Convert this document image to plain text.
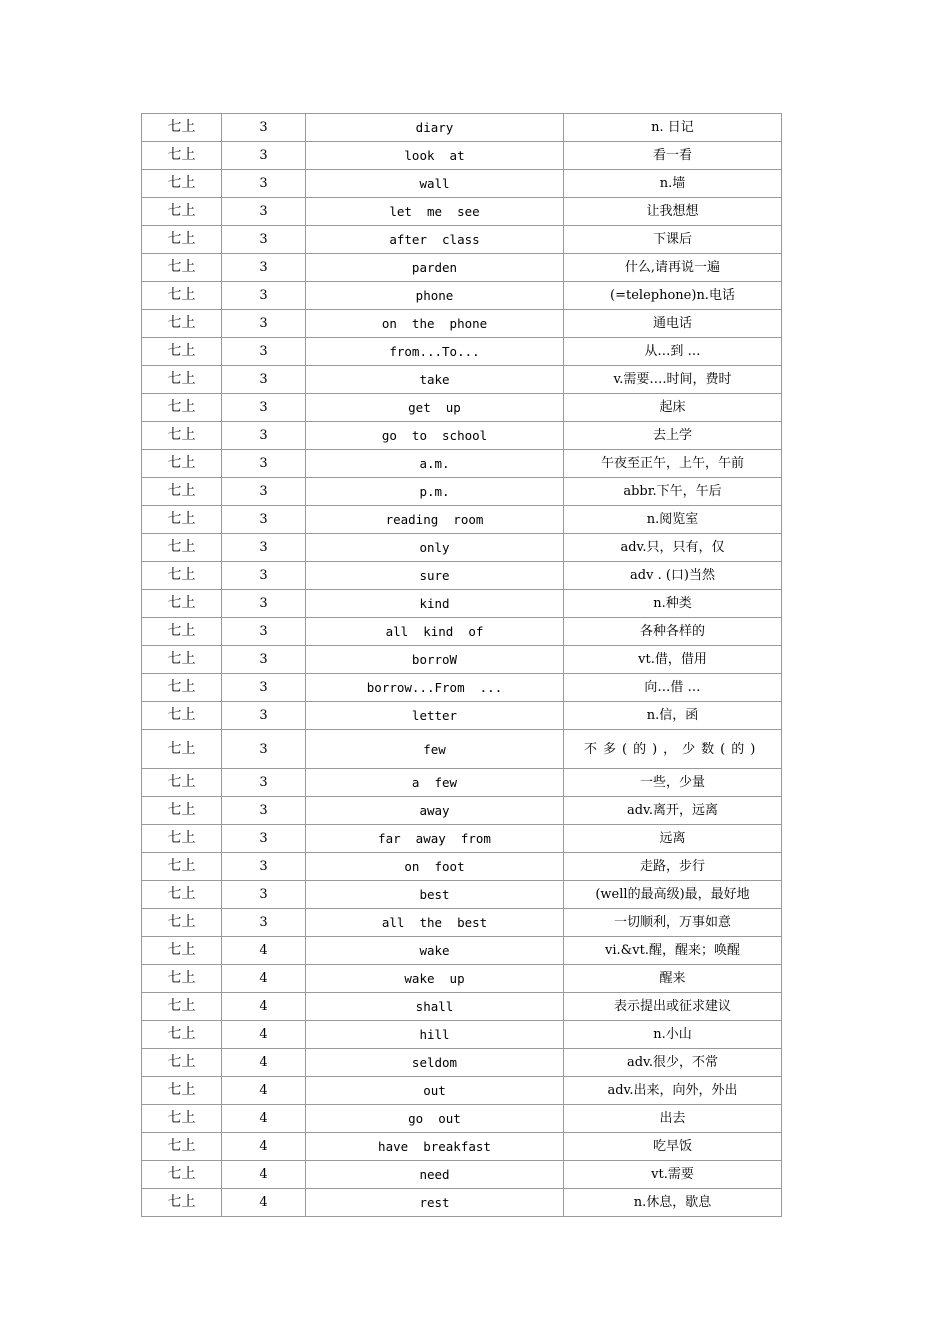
七上	3	diary	n. 日记
七上	3	look  at	看一看
七上	3	wall	n.墙
七上	3	let  me  see	让我想想
七上	3	after  class	下课后
七上	3	parden	什么,请再说一遍
七上	3	phone	(=telephone)n.电话
七上	3	on  the  phone	通电话
七上	3	from...To...	从…到 …
七上	3	take	v.需要….时间，费时
七上	3	get  up	起床
七上	3	go  to  school	去上学
七上	3	a.m.	午夜至正午，上午，午前
七上	3	p.m.	abbr.下午，午后
七上	3	reading  room	n.阅览室
七上	3	only	adv.只，只有，仅
七上	3	sure	adv . (口)当然
七上	3	kind	n.种类
七上	3	all  kind  of	各种各样的
七上	3	borroW	vt.借，借用
七上	3	borrow...From  ...	向…借 …
七上	3	letter	n.信，函
七上	3	few	不多(的)，少数(的)
七上	3	a  few	一些，少量
七上	3	away	adv.离开，远离
七上	3	far  away  from	远离
七上	3	on  foot	走路，步行
七上	3	best	(well的最高级)最，最好地
七上	3	all  the  best	一切顺利，万事如意
七上	4	wake	vi.&vt.醒，醒来；唤醒
七上	4	wake  up	醒来
七上	4	shall	表示提出或征求建议
七上	4	hill	n.小山
七上	4	seldom	adv.很少，不常
七上	4	out	adv.出来，向外，外出
七上	4	go  out	出去
七上	4	have  breakfast	吃早饭
七上	4	need	vt.需要
七上	4	rest	n.休息，歇息
